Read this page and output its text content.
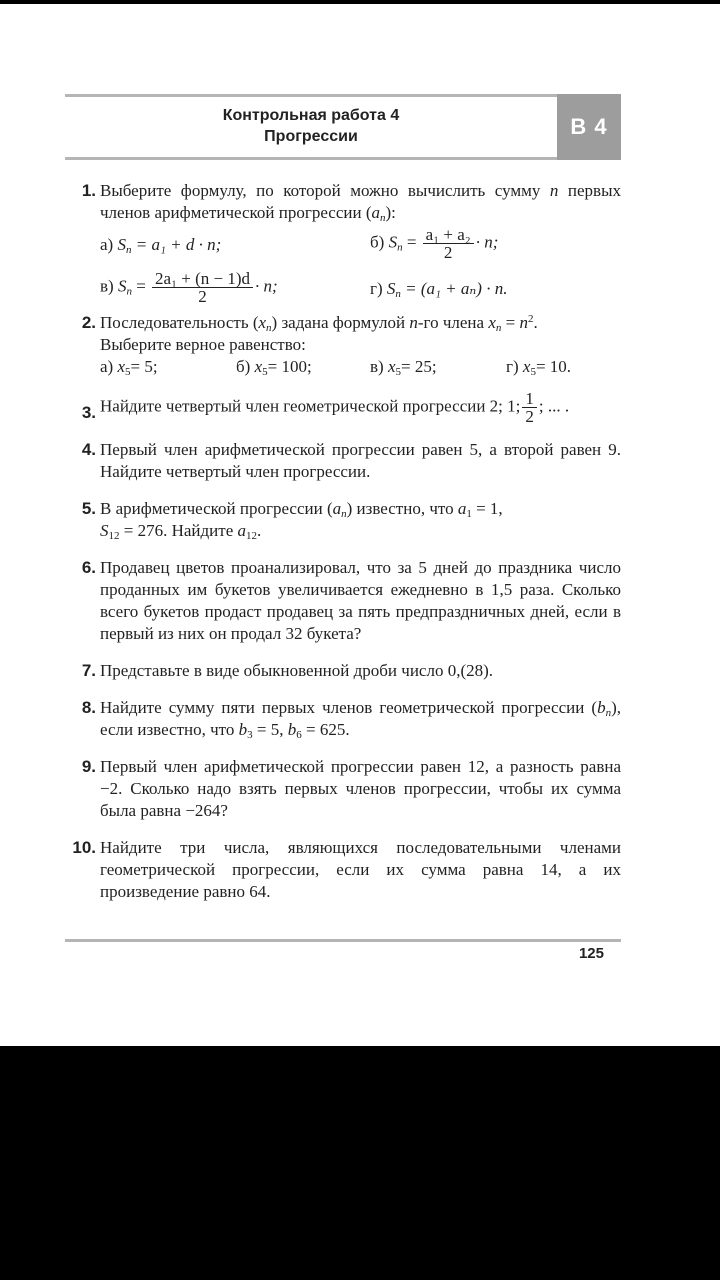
Контрольная работа 4
Прогрессии	B 4
1. Выберите формулу, по которой можно вычислить сумму n первых членов арифметической прогрессии $(a_n)$:
а) $S_n = a_1 + d \cdot n$;	б) $S_n = \frac{\text{a₁ + a₂}}{2} \cdot n$;
в) $S_n = \frac{\text{2a₁ + (n − 1)d}}{2} \cdot n$;	г) $S_n = (a_1 + a_n) \cdot n$.
2. Последовательность $(x_n)$ задана формулой n-го члена $x_n = n^2$.
Выберите верное равенство:
а) $x_5= 5$;	б) $x_5= 100$;	в) $x_5= 25$;	г) $x_5= 10$.
3. Найдите четвертый член геометрической прогрессии 2; 1; $\frac{1}{2}$ ; ... .
4. Первый член арифметической прогрессии равен 5, а второй равен 9. Найдите четвертый член прогрессии.
5. В арифметической прогрессии $(a_n)$ известно, что $a_1 = 1$,
$S_{12} = 276$. Найдите $a_{12}$.
6. Продавец цветов проанализировал, что за 5 дней до праздника число проданных им букетов увеличивается ежедневно в 1,5 раза. Сколько всего букетов продаст продавец за пять предпраздничных дней, если в первый из них он продал 32 букета?
7. Представьте в виде обыкновенной дроби число 0,(28).
8. Найдите сумму пяти первых членов геометрической прогрессии $(b_n)$, если известно, что $b_3 = 5$, $b_6 = 625$.
9. Первый член арифметической прогрессии равен 12, а разность равна −2. Сколько надо взять первых членов прогрессии, чтобы их сумма была равна −264?
10. Найдите три числа, являющихся последовательными членами геометрической прогрессии, если их сумма равна 14, а их произведение равно 64.
125
